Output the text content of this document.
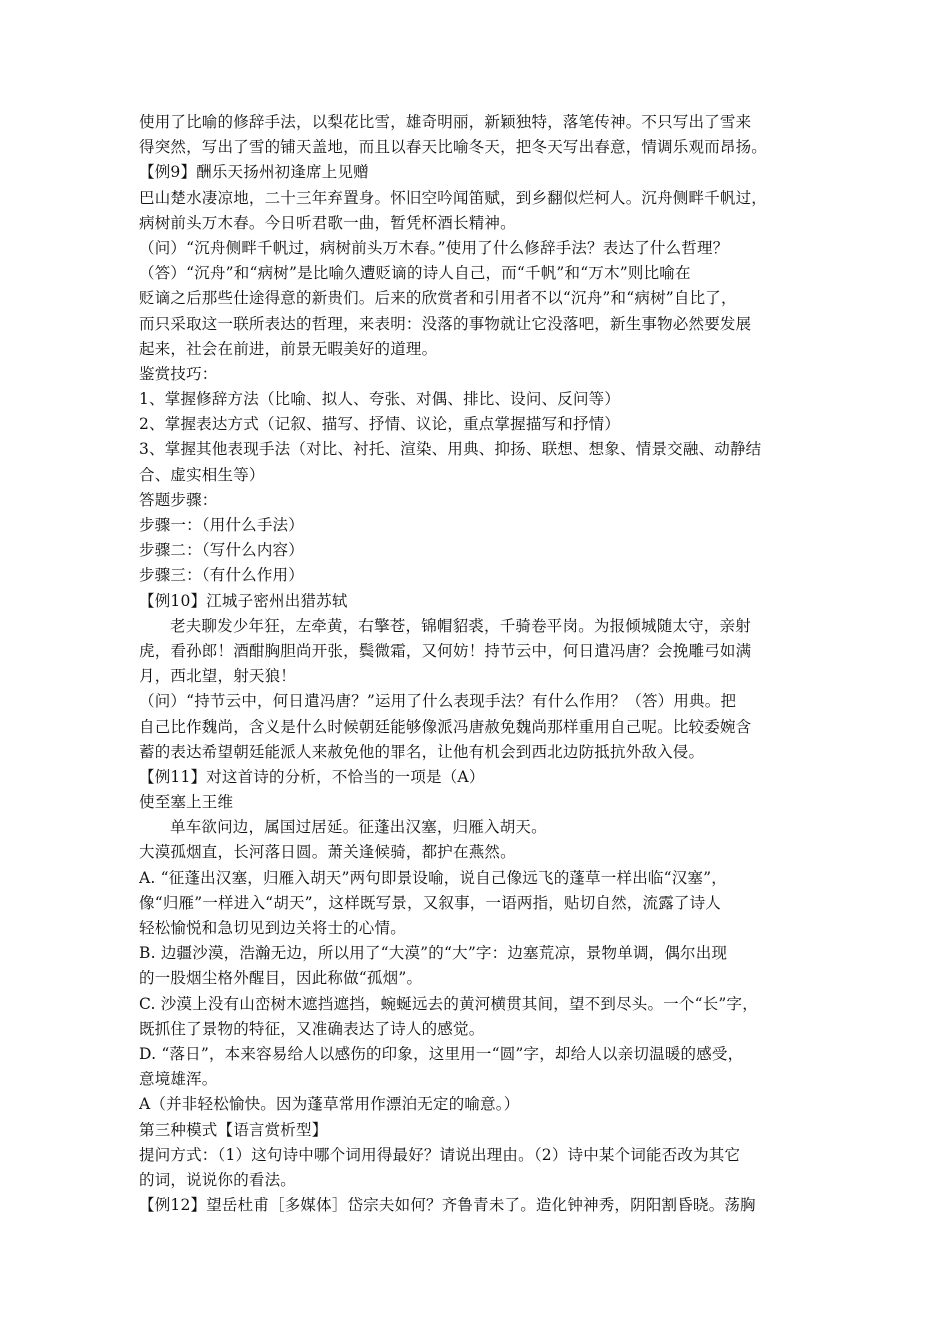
使用了比喻的修辞手法，以梨花比雪，雄奇明丽，新颖独特，落笔传神。不只写出了雪来
得突然，写出了雪的铺天盖地，而且以春天比喻冬天，把冬天写出春意，情调乐观而昂扬。
【例9】酬乐天扬州初逢席上见赠
巴山楚水凄凉地，二十三年弃置身。怀旧空吟闻笛赋，到乡翻似烂柯人。沉舟侧畔千帆过，
病树前头万木春。今日听君歌一曲，暂凭杯酒长精神。
（问）“沉舟侧畔千帆过，病树前头万木春。”使用了什么修辞手法？表达了什么哲理？
（答）“沉舟”和“病树”是比喻久遭贬谪的诗人自己，而“千帆”和“万木”则比喻在
贬谪之后那些仕途得意的新贵们。后来的欣赏者和引用者不以“沉舟”和“病树”自比了，
而只采取这一联所表达的哲理，来表明：没落的事物就让它没落吧，新生事物必然要发展
起来，社会在前进，前景无暇美好的道理。
鉴赏技巧：
1、掌握修辞方法（比喻、拟人、夸张、对偶、排比、设问、反问等）
2、掌握表达方式（记叙、描写、抒情、议论，重点掌握描写和抒情）
3、掌握其他表现手法（对比、衬托、渲染、用典、抑扬、联想、想象、情景交融、动静结
合、虚实相生等）
答题步骤：
步骤一：（用什么手法）
步骤二：（写什么内容）
步骤三：（有什么作用）
【例10】江城子密州出猎苏轼
老夫聊发少年狂，左牵黄，右擎苍，锦帽貂裘，千骑卷平岗。为报倾城随太守，亲射
虎，看孙郎！酒酣胸胆尚开张，鬓微霜，又何妨！持节云中，何日遣冯唐？会挽雕弓如满
月，西北望，射天狼！
（问）“持节云中，何日遣冯唐？”运用了什么表现手法？有什么作用？（答）用典。把
自己比作魏尚，含义是什么时候朝廷能够像派冯唐赦免魏尚那样重用自己呢。比较委婉含
蓄的表达希望朝廷能派人来赦免他的罪名，让他有机会到西北边防抵抗外敌入侵。
【例11】对这首诗的分析，不恰当的一项是（A）
使至塞上王维
单车欲问边，属国过居延。征蓬出汉塞，归雁入胡天。
大漠孤烟直，长河落日圆。萧关逢候骑，都护在燕然。
A. “征蓬出汉塞，归雁入胡天”两句即景设喻，说自己像远飞的蓬草一样出临“汉塞”，
像“归雁”一样进入“胡天”，这样既写景，又叙事，一语两指，贴切自然，流露了诗人
轻松愉悦和急切见到边关将士的心情。
B. 边疆沙漠，浩瀚无边，所以用了“大漠”的“大”字：边塞荒凉，景物单调，偶尔出现
的一股烟尘格外醒目，因此称做“孤烟”。
C. 沙漠上没有山峦树木遮挡遮挡，蜿蜒远去的黄河横贯其间，望不到尽头。一个“长”字，
既抓住了景物的特征，又准确表达了诗人的感觉。
D. “落日”，本来容易给人以感伤的印象，这里用一“圆”字，却给人以亲切温暖的感受，
意境雄浑。
A（并非轻松愉快。因为蓬草常用作漂泊无定的喻意。）
第三种模式【语言赏析型】
提问方式：（1）这句诗中哪个词用得最好？请说出理由。（2）诗中某个词能否改为其它
的词，说说你的看法。
【例12】望岳杜甫［多媒体］岱宗夫如何？齐鲁青未了。造化钟神秀，阴阳割昏晓。荡胸
